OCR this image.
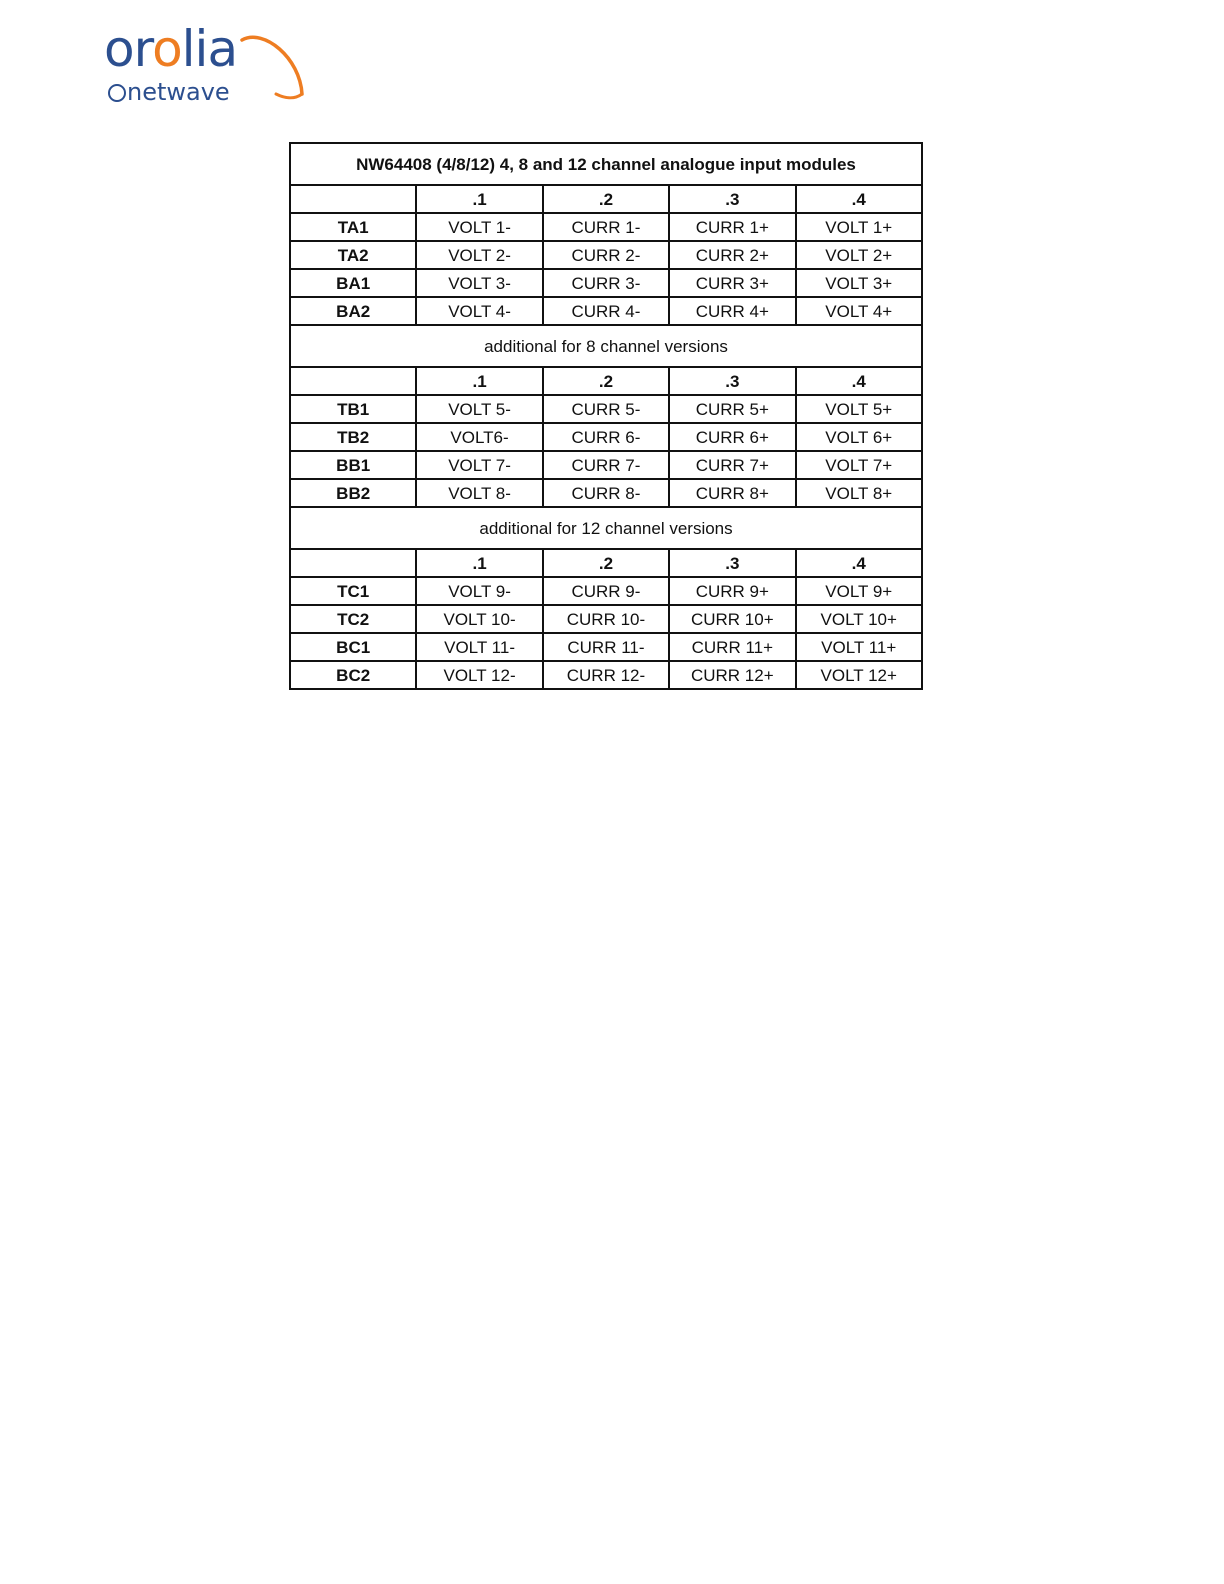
orolia
netwave
NW64408 (4/8/12) 4, 8 and 12 channel analogue input modules				
	.1	.2	.3	.4
TA1	VOLT 1-	CURR 1-	CURR 1+	VOLT 1+
TA2	VOLT 2-	CURR 2-	CURR 2+	VOLT 2+
BA1	VOLT 3-	CURR 3-	CURR 3+	VOLT 3+
BA2	VOLT 4-	CURR 4-	CURR 4+	VOLT 4+
additional for 8 channel versions				
	.1	.2	.3	.4
TB1	VOLT 5-	CURR 5-	CURR 5+	VOLT 5+
TB2	VOLT6-	CURR 6-	CURR 6+	VOLT 6+
BB1	VOLT 7-	CURR 7-	CURR 7+	VOLT 7+
BB2	VOLT 8-	CURR 8-	CURR 8+	VOLT 8+
additional for 12 channel versions				
	.1	.2	.3	.4
TC1	VOLT 9-	CURR 9-	CURR 9+	VOLT 9+
TC2	VOLT 10-	CURR 10-	CURR 10+	VOLT 10+
BC1	VOLT 11-	CURR 11-	CURR 11+	VOLT 11+
BC2	VOLT 12-	CURR 12-	CURR 12+	VOLT 12+
